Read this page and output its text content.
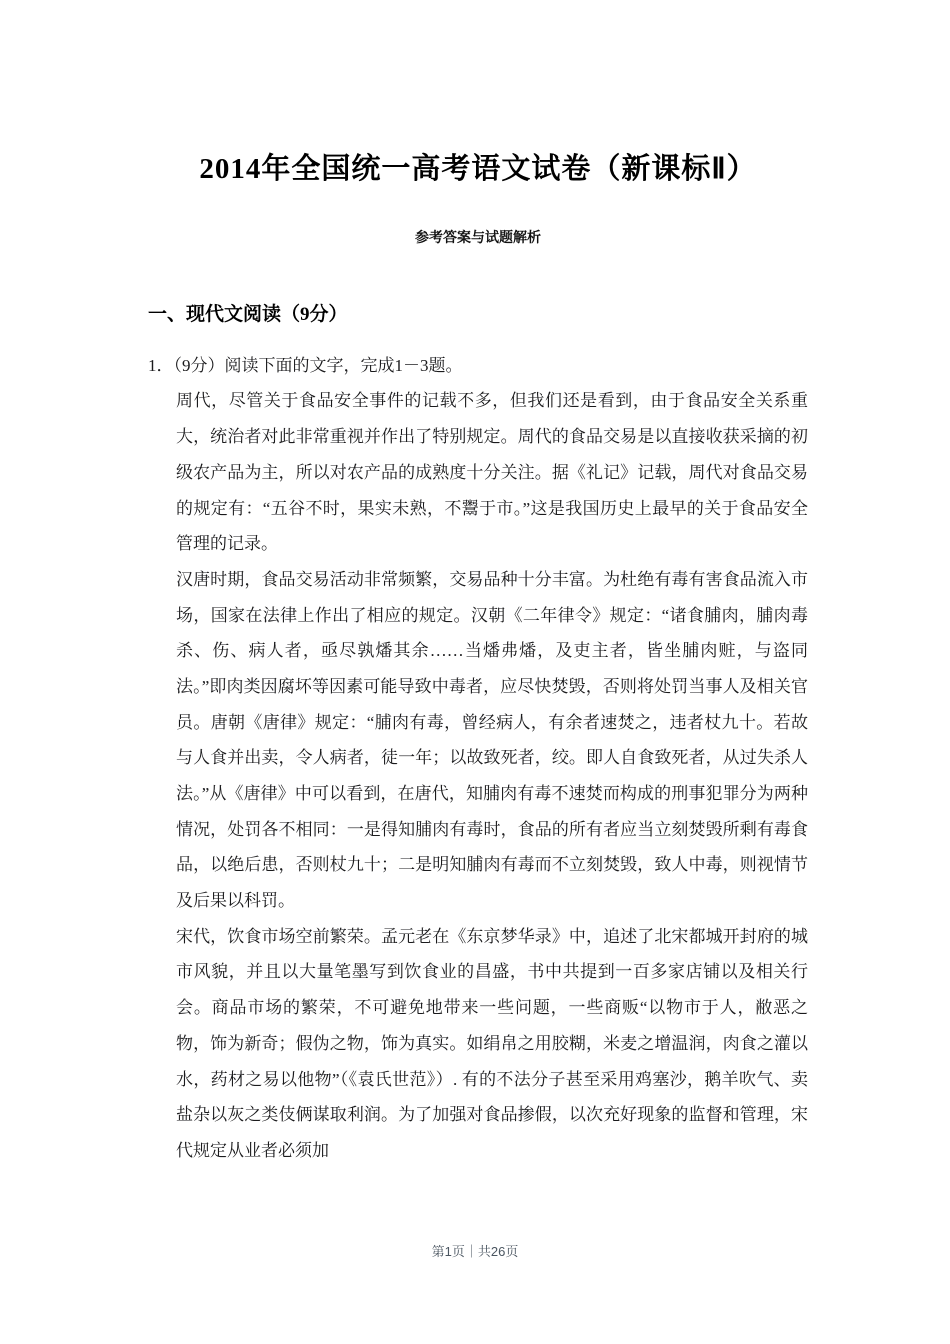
2014年全国统一高考语文试卷（新课标Ⅱ）
参考答案与试题解析
一、现代文阅读（9分）

1．（9分）阅读下面的文字，完成1－3题。

周代，尽管关于食品安全事件的记载不多，但我们还是看到，由于食品安全关系重大，统治者对此非常重视并作出了特别规定。周代的食品交易是以直接收获采摘的初级农产品为主，所以对农产品的成熟度十分关注。据《礼记》记载，周代对食品交易的规定有：“五谷不时，果实未熟，不鬻于市。”这是我国历史上最早的关于食品安全管理的记录。

汉唐时期，食品交易活动非常频繁，交易品种十分丰富。为杜绝有毒有害食品流入市场，国家在法律上作出了相应的规定。汉朝《二年律令》规定：“诸食脯肉，脯肉毒杀、伤、病人者，亟尽孰燔其余……当燔弗燔，及吏主者，皆坐脯肉赃，与盗同法。”即肉类因腐坏等因素可能导致中毒者，应尽快焚毁，否则将处罚当事人及相关官员。唐朝《唐律》规定：“脯肉有毒，曾经病人，有余者速焚之，违者杖九十。若故与人食并出卖，令人病者，徒一年；以故致死者，绞。即人自食致死者，从过失杀人法。”从《唐律》中可以看到，在唐代，知脯肉有毒不速焚而构成的刑事犯罪分为两种情况，处罚各不相同：一是得知脯肉有毒时，食品的所有者应当立刻焚毁所剩有毒食品，以绝后患，否则杖九十；二是明知脯肉有毒而不立刻焚毁，致人中毒，则视情节及后果以科罚。

宋代，饮食市场空前繁荣。孟元老在《东京梦华录》中，追述了北宋都城开封府的城市风貌，并且以大量笔墨写到饮食业的昌盛，书中共提到一百多家店铺以及相关行会。商品市场的繁荣，不可避免地带来一些问题，一些商贩“以物市于人，敝恶之物，饰为新奇；假伪之物，饰为真实。如绢帛之用胶糊，米麦之增温润，肉食之灌以水，药材之易以他物”（《袁氏世范》）. 有的不法分子甚至采用鸡塞沙，鹅羊吹气、卖盐杂以灰之类伎俩谋取利润。为了加强对食品掺假，以次充好现象的监督和管理，宋代规定从业者必须加

第1页｜共26页
